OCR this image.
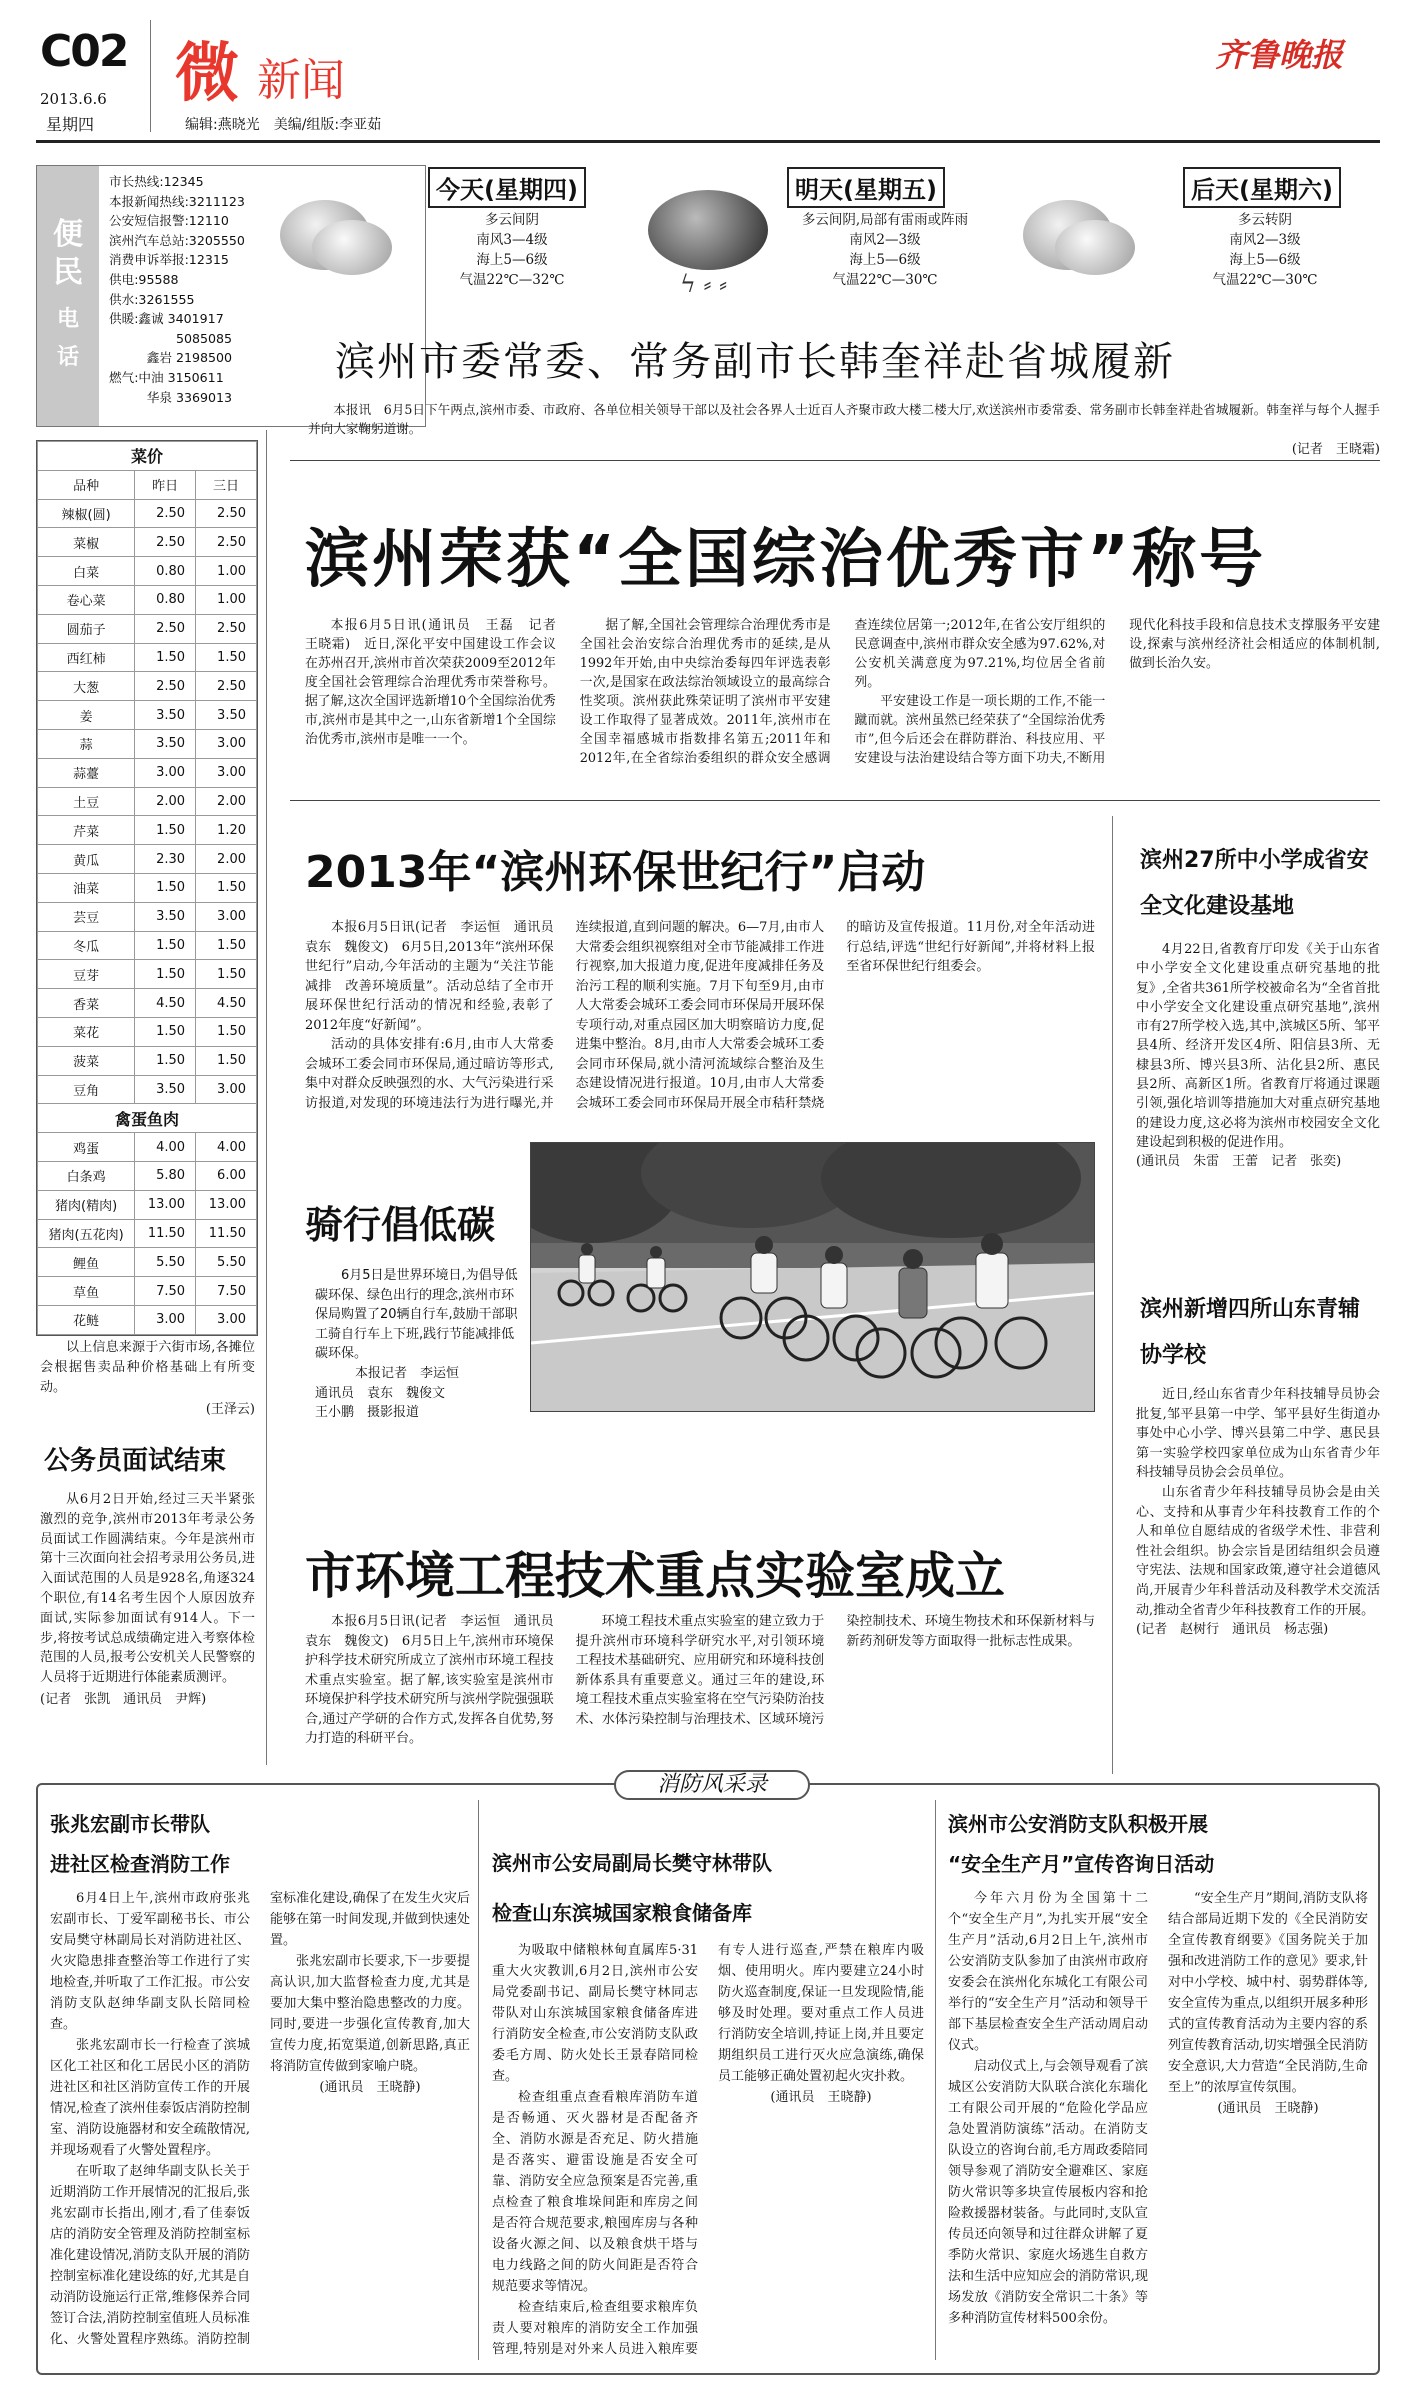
C02
2013.6.6
星期四
微 新闻
编辑:燕晓光　美编/组版:李亚茹
齐鲁晚报
便
民
电
话
市长热线:12345
本报新闻热线:3211123
公安短信报警:12110
滨州汽车总站:3205550
消费申诉举报:12315
供电:95588
供水:3261555
供暖:鑫诚 3401917
　　　　　 5085085
　　　鑫岩 2198500
燃气:中油 3150611
　　　华泉 3369013
今天(星期四)
多云间阴
南风3—4级
海上5—6级
气温22℃—32℃	ϟ ⸗ ⸗
明天(星期五)
多云间阴,局部有雷雨或阵雨
南风2—3级
海上5—6级
气温22℃—30℃
后天(星期六)
多云转阴
南风2—3级
海上5—6级
气温22℃—30℃
滨州市委常委、常务副市长韩奎祥赴省城履新

本报讯　6月5日下午两点,滨州市委、市政府、各单位相关领导干部以及社会各界人士近百人齐聚市政大楼二楼大厅,欢送滨州市委常委、常务副市长韩奎祥赴省城履新。韩奎祥与每个人握手并向大家鞠躬道谢。

(记者　王晓霜)
滨州荣获“全国综治优秀市”称号

本报6月5日讯(通讯员　王磊　记者　王晓霜)　近日,深化平安中国建设工作会议在苏州召开,滨州市首次荣获2009至2012年度全国社会管理综合治理优秀市荣誉称号。据了解,这次全国评选新增10个全国综治优秀市,滨州市是其中之一,山东省新增1个全国综治优秀市,滨州市是唯一一个。

据了解,全国社会管理综合治理优秀市是全国社会治安综合治理优秀市的延续,是从1992年开始,由中央综治委每四年评选表彰一次,是国家在政法综治领域设立的最高综合性奖项。滨州获此殊荣证明了滨州市平安建设工作取得了显著成效。2011年,滨州市在全国幸福感城市指数排名第五;2011年和2012年,在全省综治委组织的群众安全感调查连续位居第一;2012年,在省公安厅组织的民意调查中,滨州市群众安全感为97.62%,对公安机关满意度为97.21%,均位居全省前列。

平安建设工作是一项长期的工作,不能一蹴而就。滨州虽然已经荣获了“全国综治优秀市”,但今后还会在群防群治、科技应用、平安建设与法治建设结合等方面下功夫,不断用现代化科技手段和信息技术支撑服务平安建设,探索与滨州经济社会相适应的体制机制,做到长治久安。

菜价		
品种	昨日	三日
辣椒(圆)	2.50	2.50
菜椒	2.50	2.50
白菜	0.80	1.00
卷心菜	0.80	1.00
圆茄子	2.50	2.50
西红柿	1.50	1.50
大葱	2.50	2.50
姜	3.50	3.50
蒜	3.50	3.00
蒜薹	3.00	3.00
土豆	2.00	2.00
芹菜	1.50	1.20
黄瓜	2.30	2.00
油菜	1.50	1.50
芸豆	3.50	3.00
冬瓜	1.50	1.50
豆芽	1.50	1.50
香菜	4.50	4.50
菜花	1.50	1.50
菠菜	1.50	1.50
豆角	3.50	3.00
禽蛋鱼肉		
鸡蛋	4.00	4.00
白条鸡	5.80	6.00
猪肉(精肉)	13.00	13.00
猪肉(五花肉)	11.50	11.50
鲤鱼	5.50	5.50
草鱼	7.50	7.50
花鲢	3.00	3.00

以上信息来源于六街市场,各摊位会根据售卖品种价格基础上有所变动。

(王泽云)
公务员面试结束

从6月2日开始,经过三天半紧张激烈的竞争,滨州市2013年考录公务员面试工作圆满结束。今年是滨州市第十三次面向社会招考录用公务员,进入面试范围的人员是928名,角逐324个职位,有14名考生因个人原因放弃面试,实际参加面试有914人。下一步,将按考试总成绩确定进入考察体检范围的人员,报考公安机关人民警察的人员将于近期进行体能素质测评。

(记者　张凯　通讯员　尹辉)
2013年“滨州环保世纪行”启动

本报6月5日讯(记者　李运恒　通讯员　袁东　魏俊文)　6月5日,2013年“滨州环保世纪行”启动,今年活动的主题为“关注节能减排　改善环境质量”。活动总结了全市开展环保世纪行活动的情况和经验,表彰了2012年度“好新闻”。

活动的具体安排有:6月,由市人大常委会城环工委会同市环保局,通过暗访等形式,集中对群众反映强烈的水、大气污染进行采访报道,对发现的环境违法行为进行曝光,并连续报道,直到问题的解决。6—7月,由市人大常委会组织视察组对全市节能减排工作进行视察,加大报道力度,促进年度减排任务及治污工程的顺利实施。7月下旬至9月,由市人大常委会城环工委会同市环保局开展环保专项行动,对重点园区加大明察暗访力度,促进集中整治。8月,由市人大常委会城环工委会同市环保局,就小清河流域综合整治及生态建设情况进行报道。10月,由市人大常委会城环工委会同市环保局开展全市秸秆禁烧的暗访及宣传报道。11月份,对全年活动进行总结,评选“世纪行好新闻”,并将材料上报至省环保世纪行组委会。

骑行倡低碳

6月5日是世界环境日,为倡导低碳环保、绿色出行的理念,滨州市环保局购置了20辆自行车,鼓励干部职工骑自行车上下班,践行节能减排低碳环保。

本报记者　李运恒
通讯员　袁东　魏俊文
王小鹏　摄影报道
滨州27所中小学成省安全文化建设基地

4月22日,省教育厅印发《关于山东省中小学安全文化建设重点研究基地的批复》,全省共361所学校被命名为“全省首批中小学安全文化建设重点研究基地”,滨州市有27所学校入选,其中,滨城区5所、邹平县4所、经济开发区4所、阳信县3所、无棣县3所、博兴县3所、沾化县2所、惠民县2所、高新区1所。省教育厅将通过课题引领,强化培训等措施加大对重点研究基地的建设力度,这必将为滨州市校园安全文化建设起到积极的促进作用。

(通讯员　朱雷　王蕾　记者　张奕)
滨州新增四所山东青辅协学校

近日,经山东省青少年科技辅导员协会批复,邹平县第一中学、邹平县好生街道办事处中心小学、博兴县第二中学、惠民县第一实验学校四家单位成为山东省青少年科技辅导员协会会员单位。

山东省青少年科技辅导员协会是由关心、支持和从事青少年科技教育工作的个人和单位自愿结成的省级学术性、非营利性社会组织。协会宗旨是团结组织会员遵守宪法、法规和国家政策,遵守社会道德风尚,开展青少年科普活动及科教学术交流活动,推动全省青少年科技教育工作的开展。

(记者　赵树行　通讯员　杨志强)
市环境工程技术重点实验室成立

本报6月5日讯(记者　李运恒　通讯员　袁东　魏俊文)　6月5日上午,滨州市环境保护科学技术研究所成立了滨州市环境工程技术重点实验室。据了解,该实验室是滨州市环境保护科学技术研究所与滨州学院强强联合,通过产学研的合作方式,发挥各自优势,努力打造的科研平台。

环境工程技术重点实验室的建立致力于提升滨州市环境科学研究水平,对引领环境工程技术基础研究、应用研究和环境科技创新体系具有重要意义。通过三年的建设,环境工程技术重点实验室将在空气污染防治技术、水体污染控制与治理技术、区域环境污染控制技术、环境生物技术和环保新材料与新药剂研发等方面取得一批标志性成果。

消防风采录
张兆宏副市长带队
进社区检查消防工作

6月4日上午,滨州市政府张兆宏副市长、丁爱军副秘书长、市公安局樊守林副局长对消防进社区、火灾隐患排查整治等工作进行了实地检查,并听取了工作汇报。市公安消防支队赵绅华副支队长陪同检查。

张兆宏副市长一行检查了滨城区化工社区和化工居民小区的消防进社区和社区消防宣传工作的开展情况,检查了滨州佳泰饭店消防控制室、消防设施器材和安全疏散情况,并现场观看了火警处置程序。

在听取了赵绅华副支队长关于近期消防工作开展情况的汇报后,张兆宏副市长指出,刚才,看了佳泰饭店的消防安全管理及消防控制室标准化建设情况,消防支队开展的消防控制室标准化建设练的好,尤其是自动消防设施运行正常,维修保养合同签订合法,消防控制室值班人员标准化、火警处置程序熟练。消防控制室标准化建设,确保了在发生火灾后能够在第一时间发现,并做到快速处置。

张兆宏副市长要求,下一步要提高认识,加大监督检查力度,尤其是要加大集中整治隐患整改的力度。同时,要进一步强化宣传教育,加大宣传力度,拓宽渠道,创新思路,真正将消防宣传做到家喻户晓。

(通讯员　王晓静)
滨州市公安局副局长樊守林带队
检查山东滨城国家粮食储备库

为吸取中储粮林甸直属库5·31重大火灾教训,6月2日,滨州市公安局党委副书记、副局长樊守林同志带队对山东滨城国家粮食储备库进行消防安全检查,市公安消防支队政委毛方周、防火处长王景春陪同检查。

检查组重点查看粮库消防车道是否畅通、灭火器材是否配备齐全、消防水源是否充足、防火措施是否落实、避雷设施是否安全可靠、消防安全应急预案是否完善,重点检查了粮食堆垛间距和库房之间是否符合规范要求,粮囤库房与各种设备火源之间、以及粮食烘干塔与电力线路之间的防火间距是否符合规范要求等情况。

检查结束后,检查组要求粮库负责人要对粮库的消防安全工作加强管理,特别是对外来人员进入粮库要有专人进行巡查,严禁在粮库内吸烟、使用明火。库内要建立24小时防火巡查制度,保证一旦发现险情,能够及时处理。要对重点工作人员进行消防安全培训,持证上岗,并且要定期组织员工进行灭火应急演练,确保员工能够正确处置初起火灾扑救。

(通讯员　王晓静)
滨州市公安消防支队积极开展
“安全生产月”宣传咨询日活动

今年六月份为全国第十二个“安全生产月”,为扎实开展“安全生产月”活动,6月2日上午,滨州市公安消防支队参加了由滨州市政府安委会在滨州化东城化工有限公司举行的“安全生产月”活动和领导干部下基层检查安全生产活动周启动仪式。

启动仪式上,与会领导观看了滨城区公安消防大队联合滨化东瑞化工有限公司开展的“危险化学品应急处置消防演练”活动。在消防支队设立的咨询台前,毛方周政委陪同领导参观了消防安全避难区、家庭防火常识等多块宣传展板内容和抢险救援器材装备。与此同时,支队宣传员还向领导和过往群众讲解了夏季防火常识、家庭火场逃生自救方法和生活中应知应会的消防常识,现场发放《消防安全常识二十条》等多种消防宣传材料500余份。

“安全生产月”期间,消防支队将结合部局近期下发的《全民消防安全宣传教育纲要》《国务院关于加强和改进消防工作的意见》要求,针对中小学校、城中村、弱势群体等,安全宣传为重点,以组织开展多种形式的宣传教育活动为主要内容的系列宣传教育活动,切实增强全民消防安全意识,大力营造“全民消防,生命至上”的浓厚宣传氛围。

(通讯员　王晓静)
